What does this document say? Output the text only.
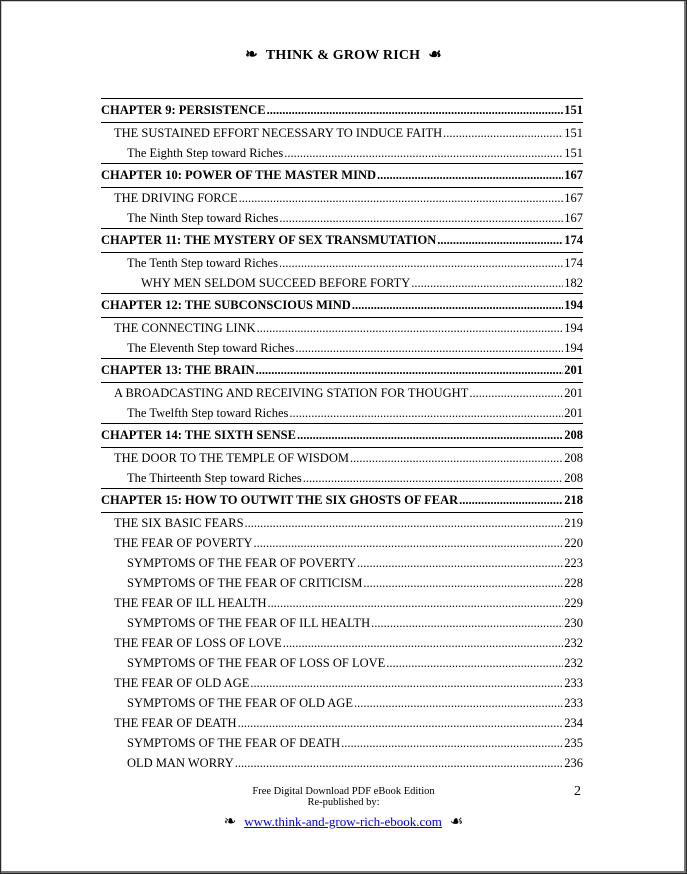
❧ THINK & GROW RICH ☙
CHAPTER 9: PERSISTENCE .....	151
THE SUSTAINED EFFORT NECESSARY TO INDUCE FAITH .....	151
The Eighth Step toward Riches .....	151
CHAPTER 10: POWER OF THE MASTER MIND .....	167
THE DRIVING FORCE .....	167
The Ninth Step toward Riches .....	167
CHAPTER 11: THE MYSTERY OF SEX TRANSMUTATION .....	174
The Tenth Step toward Riches .....	174
WHY MEN SELDOM SUCCEED BEFORE FORTY .....	182
CHAPTER 12: THE SUBCONSCIOUS MIND .....	194
THE CONNECTING LINK .....	194
The Eleventh Step toward Riches .....	194
CHAPTER 13: THE BRAIN .....	201
A BROADCASTING AND RECEIVING STATION FOR THOUGHT .....	201
The Twelfth Step toward Riches .....	201
CHAPTER 14: THE SIXTH SENSE .....	208
THE DOOR TO THE TEMPLE OF WISDOM .....	208
The Thirteenth Step toward Riches .....	208
CHAPTER 15: HOW TO OUTWIT THE SIX GHOSTS OF FEAR .....	218
THE SIX BASIC FEARS .....	219
THE FEAR OF POVERTY .....	220
SYMPTOMS OF THE FEAR OF POVERTY .....	223
SYMPTOMS OF THE FEAR OF CRITICISM .....	228
THE FEAR OF ILL HEALTH .....	229
SYMPTOMS OF THE FEAR OF ILL HEALTH .....	230
THE FEAR OF LOSS OF LOVE .....	232
SYMPTOMS OF THE FEAR OF LOSS OF LOVE .....	232
THE FEAR OF OLD AGE .....	233
SYMPTOMS OF THE FEAR OF OLD AGE .....	233
THE FEAR OF DEATH .....	234
SYMPTOMS OF THE FEAR OF DEATH .....	235
OLD MAN WORRY .....	236
Free Digital Download PDF eBook Edition
Re-published by:
2
❧ www.think-and-grow-rich-ebook.com ☙
